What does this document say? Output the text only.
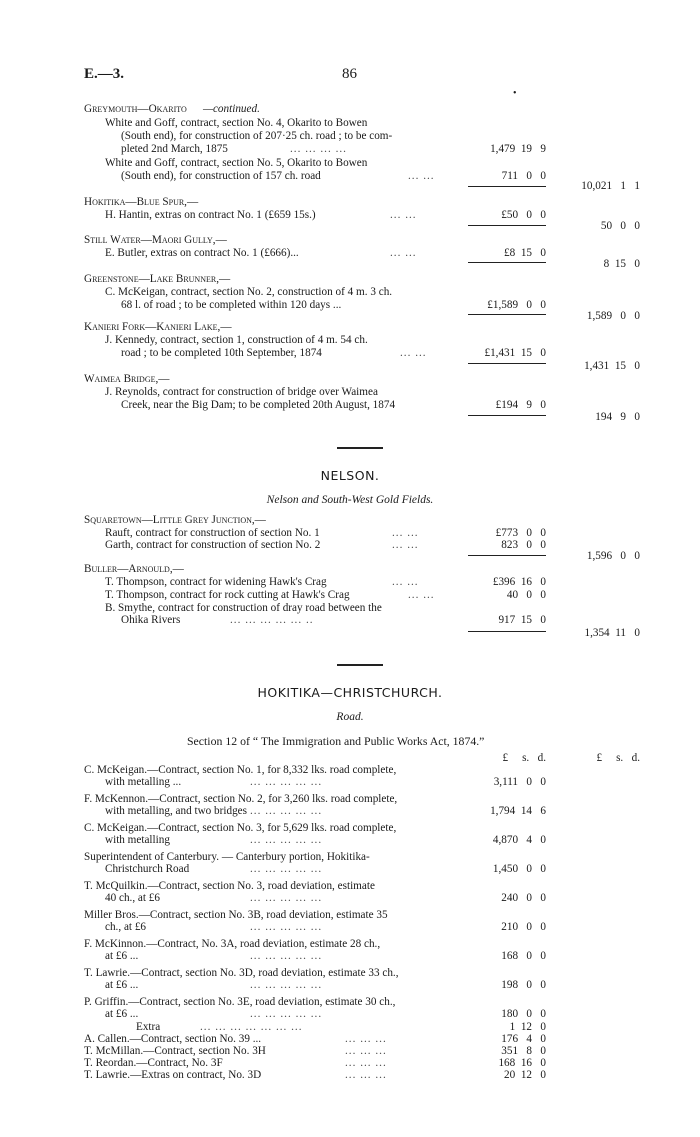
E.—3.	86
•
Greymouth—Okarito —continued.
White and Goff, contract, section No. 4, Okarito to Bowen
(South end), for construction of 207·25 ch. road ; to be com-
pleted 2nd March, 1875	... ... ... ...	1,479  19   9
White and Goff, contract, section No. 5, Okarito to Bowen
(South end), for construction of 157 ch. road	... ...	711   0   0
10,021   1   1
Hokitika—Blue Spur,—
H. Hantin, extras on contract No. 1 (£659 15s.)	... ...	£50   0   0
50   0   0
Still Water—Maori Gully,—
E. Butler, extras on contract No. 1 (£666)...	... ...	£8  15   0
8  15   0
Greenstone—Lake Brunner,—
C. McKeigan, contract, section No. 2, construction of 4 m. 3 ch.
68 l. of road ; to be completed within 120 days ...	£1,589   0   0
1,589   0   0
Kanieri Fork—Kanieri Lake,—
J. Kennedy, contract, section 1, construction of 4 m. 54 ch.
road ; to be completed 10th September, 1874	... ...	£1,431  15   0
1,431  15   0
Waimea Bridge,—
J. Reynolds, contract for construction of bridge over Waimea
Creek, near the Big Dam; to be completed 20th August, 1874	£194   9   0
194   9   0
NELSON.
Nelson and South-West Gold Fields.
Squaretown—Little Grey Junction,—
Rauft, contract for construction of section No. 1	... ...	£773   0   0
Garth, contract for construction of section No. 2	... ...	823   0   0
1,596   0   0
Buller—Arnould,—
T. Thompson, contract for widening Hawk's Crag	... ...	£396  16   0
T. Thompson, contract for rock cutting at Hawk's Crag	... ...	40   0   0
B. Smythe, contract for construction of dray road between the
Ohika Rivers	... ... ... ... ... ..	917  15   0
1,354  11   0
HOKITIKA—CHRISTCHURCH.
Road.
Section 12 of “ The Immigration and Public Works Act, 1874.”
£     s.   d.	£     s.   d.
C. McKeigan.—Contract, section No. 1, for 8,332 lks. road complete,
with metalling ...	... ... ... ... ...	3,111   0   0
F. McKennon.—Contract, section No. 2, for 3,260 lks. road complete,
with metalling, and two bridges ... ... ... ... ...	1,794  14   6
C. McKeigan.—Contract, section No. 3, for 5,629 lks. road complete,
with metalling	... ... ... ... ...	4,870   4   0
Superintendent of Canterbury. — Canterbury portion, Hokitika-
Christchurch Road	... ... ... ... ...	1,450   0   0
T. McQuilkin.—Contract, section No. 3, road deviation, estimate
40 ch., at £6	... ... ... ... ...	240   0   0
Miller Bros.—Contract, section No. 3B, road deviation, estimate 35
ch., at £6	... ... ... ... ...	210   0   0
F. McKinnon.—Contract, No. 3A, road deviation, estimate 28 ch.,
at £6 ...	... ... ... ... ...	168   0   0
T. Lawrie.—Contract, section No. 3D, road deviation, estimate 33 ch.,
at £6 ...	... ... ... ... ...	198   0   0
P. Griffin.—Contract, section No. 3E, road deviation, estimate 30 ch.,
at £6 ...	... ... ... ... ...	180   0   0
Extra	... ... ... ... ... ... ...	1  12   0
A. Callen.—Contract, section No. 39 ...	... ... ...	176   4   0
T. McMillan.—Contract, section No. 3H	... ... ...	351   8   0
T. Reordan.—Contract, No. 3F	... ... ...	168  16   0
T. Lawrie.—Extras on contract, No. 3D	... ... ...	20  12   0
